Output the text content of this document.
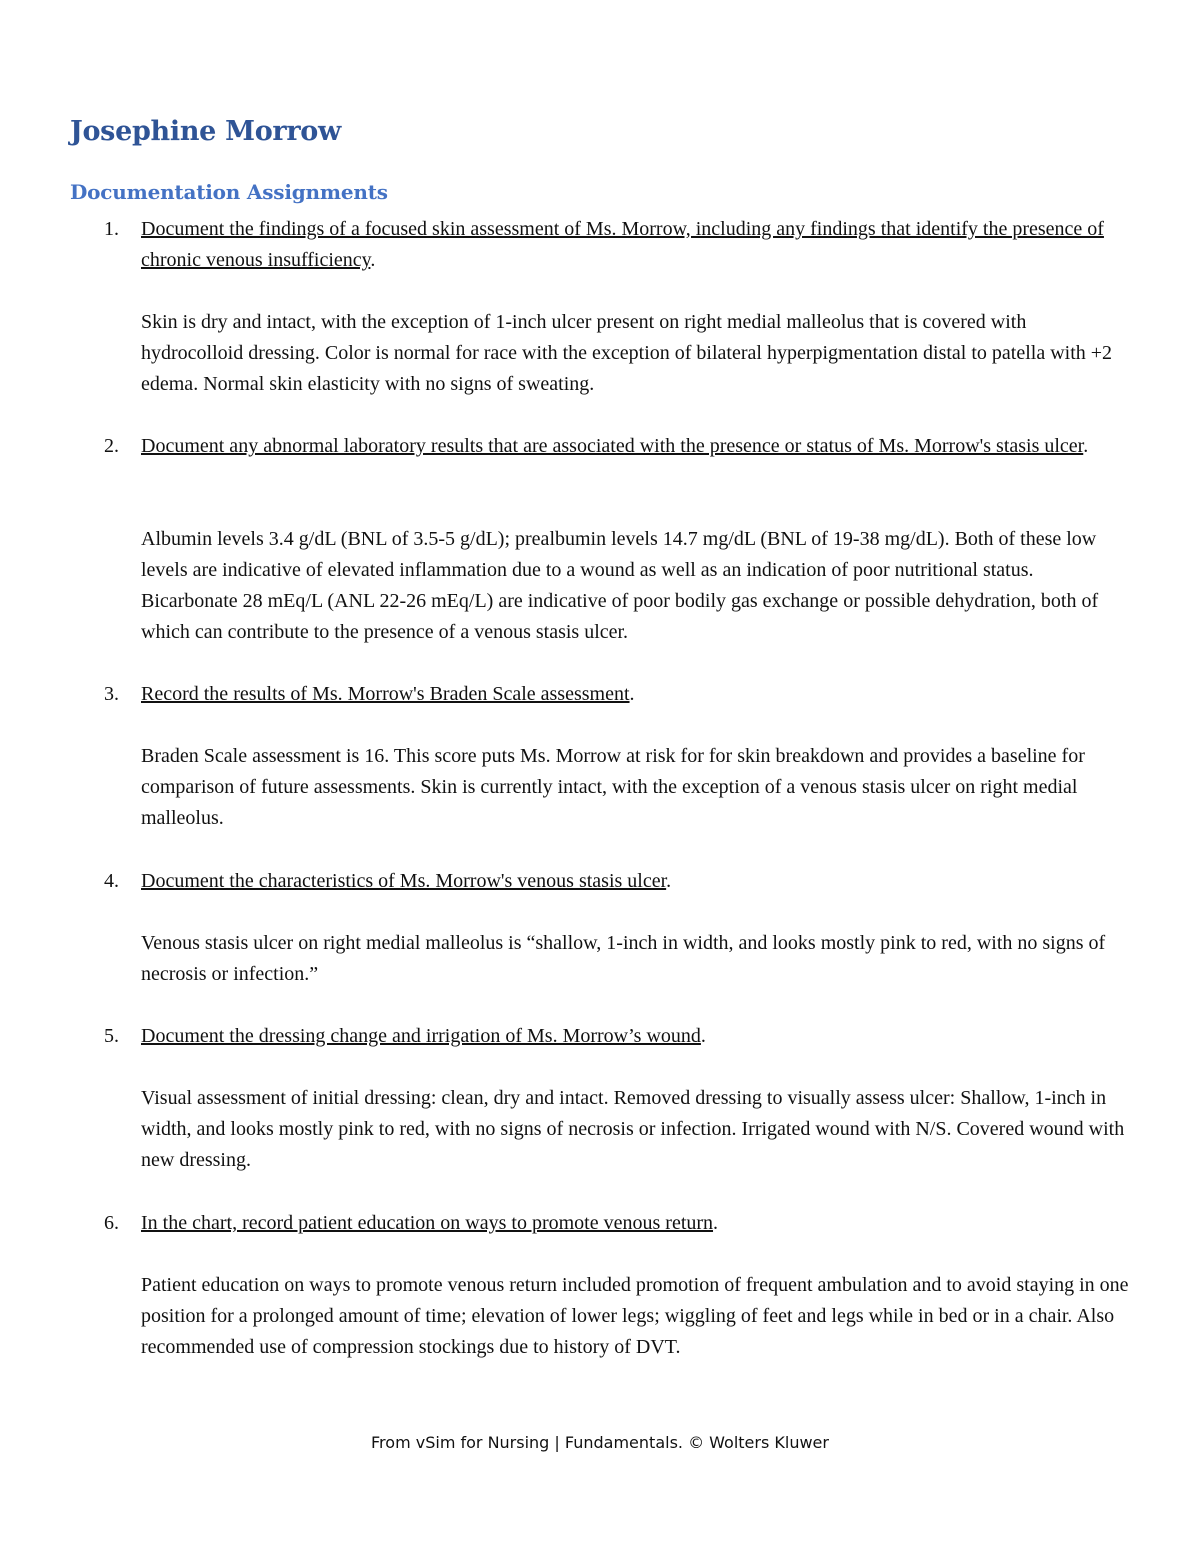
Josephine Morrow
Documentation Assignments
1.	Document the findings of a focused skin assessment of Ms. Morrow, including any findings that identify the presence of chronic venous insufficiency.

Skin is dry and intact, with the exception of 1-inch ulcer present on right medial malleolus that is covered with hydrocolloid dressing. Color is normal for race with the exception of bilateral hyperpigmentation distal to patella with +2 edema. Normal skin elasticity with no signs of sweating.

2.	Document any abnormal laboratory results that are associated with the presence or status of Ms. Morrow's stasis ulcer.

Albumin levels 3.4 g/dL (BNL of 3.5-5 g/dL); prealbumin levels 14.7 mg/dL (BNL of 19-38 mg/dL). Both of these low levels are indicative of elevated inflammation due to a wound as well as an indication of poor nutritional status. Bicarbonate 28 mEq/L (ANL 22-26 mEq/L) are indicative of poor bodily gas exchange or possible dehydration, both of which can contribute to the presence of a venous stasis ulcer.

3.	Record the results of Ms. Morrow's Braden Scale assessment.

Braden Scale assessment is 16. This score puts Ms. Morrow at risk for for skin breakdown and provides a baseline for comparison of future assessments. Skin is currently intact, with the exception of a venous stasis ulcer on right medial malleolus.

4.	Document the characteristics of Ms. Morrow's venous stasis ulcer.

Venous stasis ulcer on right medial malleolus is “shallow, 1-inch in width, and looks mostly pink to red, with no signs of necrosis or infection.”

5.	Document the dressing change and irrigation of Ms. Morrow’s wound.

Visual assessment of initial dressing: clean, dry and intact. Removed dressing to visually assess ulcer: Shallow, 1-inch in width, and looks mostly pink to red, with no signs of necrosis or infection. Irrigated wound with N/S. Covered wound with new dressing.

6.	In the chart, record patient education on ways to promote venous return.

Patient education on ways to promote venous return included promotion of frequent ambulation and to avoid staying in one position for a prolonged amount of time; elevation of lower legs; wiggling of feet and legs while in bed or in a chair. Also recommended use of compression stockings due to history of DVT.

From vSim for Nursing | Fundamentals. © Wolters Kluwer
